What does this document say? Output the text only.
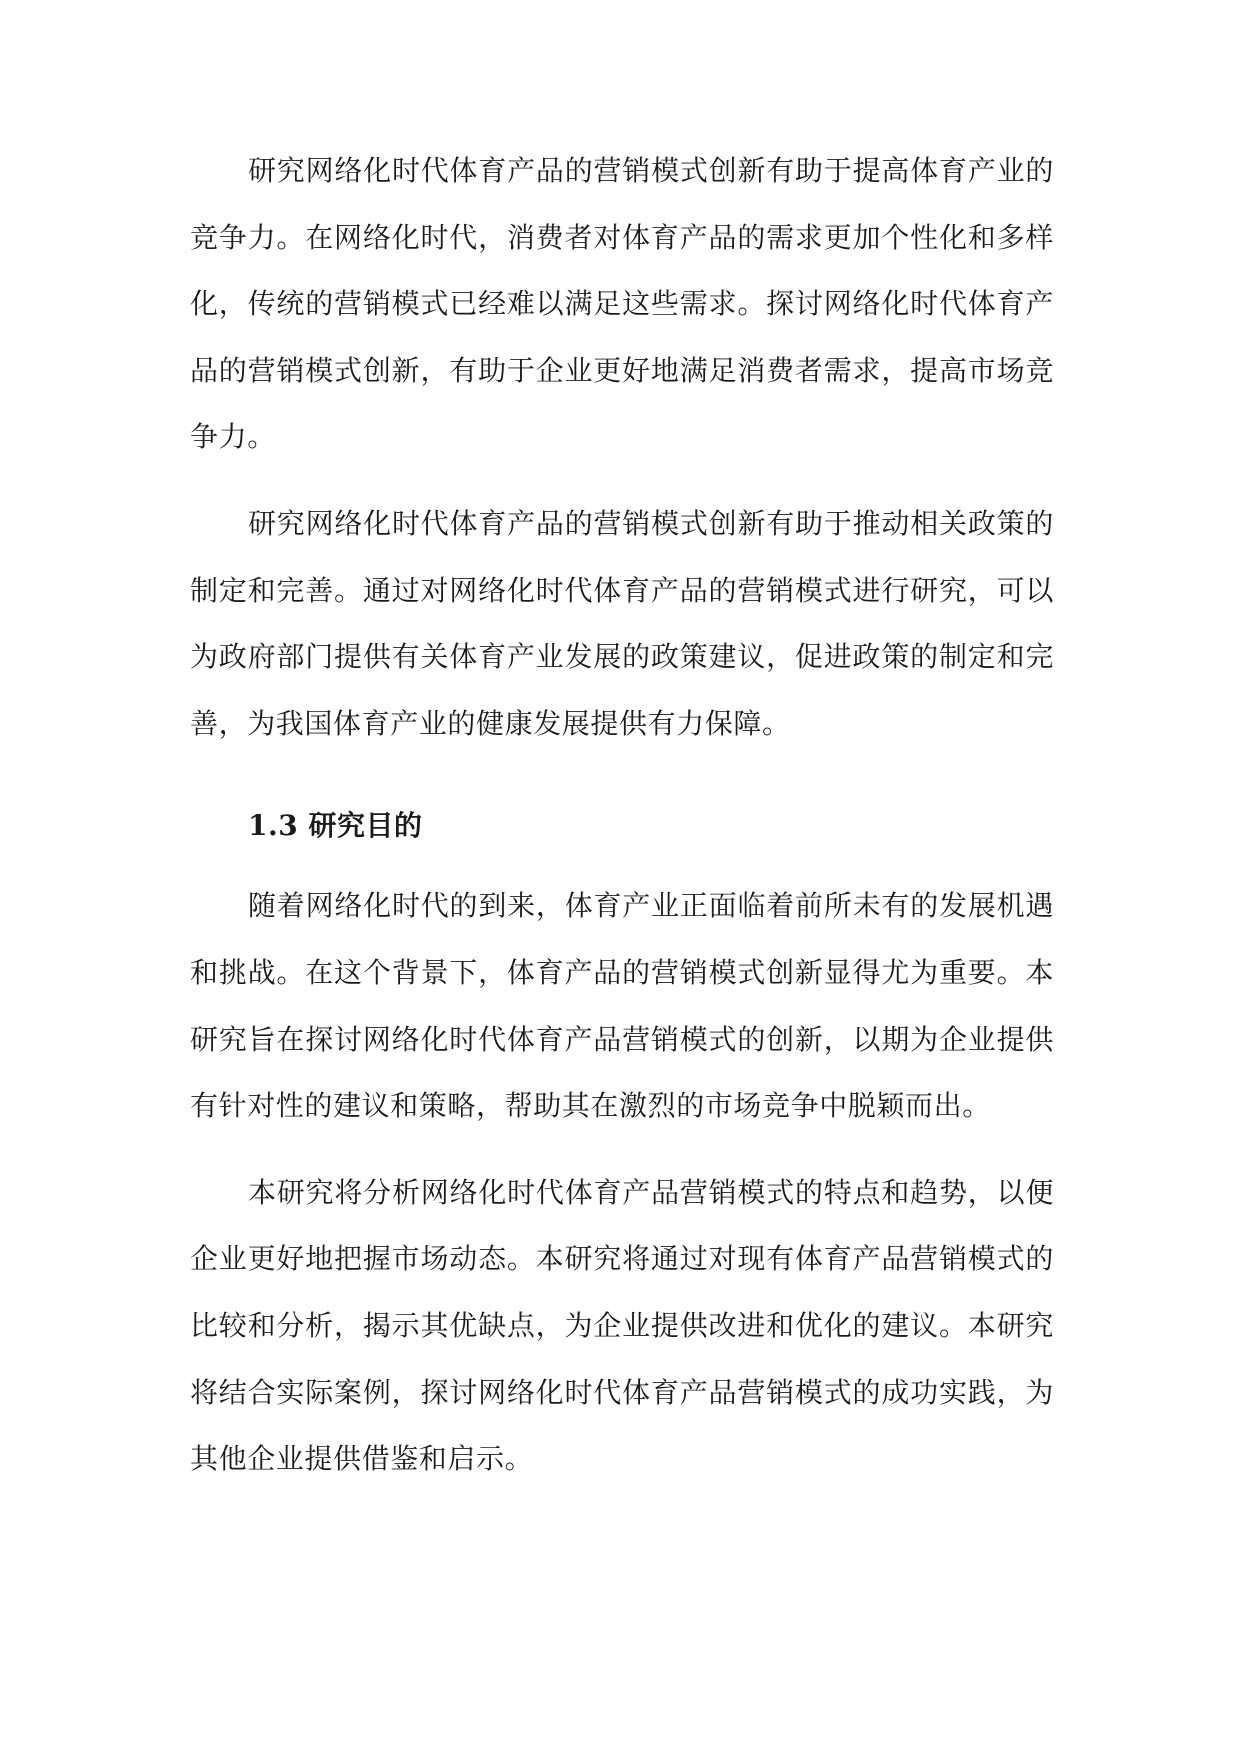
研究网络化时代体育产品的营销模式创新有助于提高体育产业的竞争力。在网络化时代，消费者对体育产品的需求更加个性化和多样化，传统的营销模式已经难以满足这些需求。探讨网络化时代体育产品的营销模式创新，有助于企业更好地满足消费者需求，提高市场竞争力。

研究网络化时代体育产品的营销模式创新有助于推动相关政策的制定和完善。通过对网络化时代体育产品的营销模式进行研究，可以为政府部门提供有关体育产业发展的政策建议，促进政策的制定和完善，为我国体育产业的健康发展提供有力保障。

1.3 研究目的

随着网络化时代的到来，体育产业正面临着前所未有的发展机遇和挑战。在这个背景下，体育产品的营销模式创新显得尤为重要。本研究旨在探讨网络化时代体育产品营销模式的创新，以期为企业提供有针对性的建议和策略，帮助其在激烈的市场竞争中脱颖而出。

本研究将分析网络化时代体育产品营销模式的特点和趋势，以便企业更好地把握市场动态。本研究将通过对现有体育产品营销模式的比较和分析，揭示其优缺点，为企业提供改进和优化的建议。本研究将结合实际案例，探讨网络化时代体育产品营销模式的成功实践，为其他企业提供借鉴和启示。
